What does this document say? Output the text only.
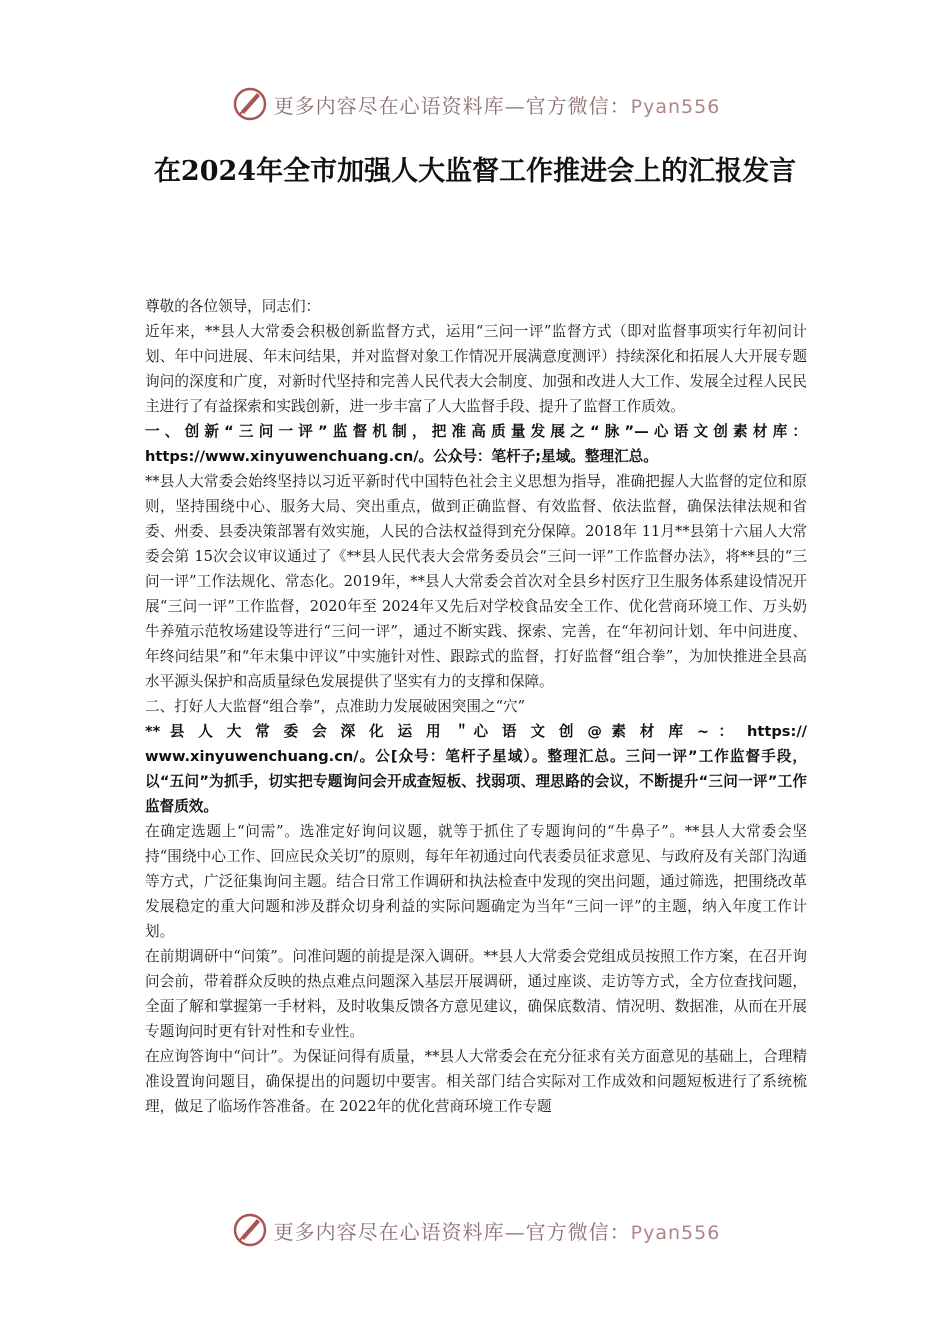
更多内容尽在心语资料库—官方微信：Pyan556
在2024年全市加强人大监督工作推进会上的汇报发言

尊敬的各位领导，同志们：

近年来，**县人大常委会积极创新监督方式，运用“三问一评”监督方式（即对监督事项实行年初问计划、年中问进展、年末问结果，并对监督对象工作情况开展满意度测评）持续深化和拓展人大开展专题询问的深度和广度，对新时代坚持和完善人民代表大会制度、加强和改进人大工作、发展全过程人民民主进行了有益探索和实践创新，进一步丰富了人大监督手段、提升了监督工作质效。

一、创新“三问一评”监督机制，把准高质量发展之“脉”—心语文创素材库：https://www.xinyuwenchuang.cn/。公众号：笔杆子;星域。整理汇总。

**县人大常委会始终坚持以习近平新时代中国特色社会主义思想为指导，准确把握人大监督的定位和原则，坚持围绕中心、服务大局、突出重点，做到正确监督、有效监督、依法监督，确保法律法规和省委、州委、县委决策部署有效实施，人民的合法权益得到充分保障。2018年 11月**县第十六届人大常委会第 15次会议审议通过了《**县人民代表大会常务委员会“三问一评”工作监督办法》，将**县的“三问一评”工作法规化、常态化。2019年，**县人大常委会首次对全县乡村医疗卫生服务体系建设情况开展“三问一评”工作监督，2020年至 2024年又先后对学校食品安全工作、优化营商环境工作、万头奶牛养殖示范牧场建设等进行“三问一评”，通过不断实践、探索、完善，在“年初问计划、年中问进度、年终问结果”和“年末集中评议”中实施针对性、跟踪式的监督，打好监督“组合拳”，为加快推进全县高水平源头保护和高质量绿色发展提供了坚实有力的支撑和保障。

二、打好人大监督“组合拳”，点准助力发展破困突围之“穴”

** 县 人 大 常 委 会 深 化 运 用 ＂心 语 文 创 @ 素 材 库 ~ ： https://

www.xinyuwenchuang.cn/。公[众号：笔杆子星域）。整理汇总。三问一评”工作监督手段，以“五问”为抓手，切实把专题询问会开成查短板、找弱项、理思路的会议，不断提升“三问一评”工作监督质效。

在确定选题上“问需”。选准定好询问议题，就等于抓住了专题询问的“牛鼻子”。**县人大常委会坚持“围绕中心工作、回应民众关切”的原则，每年年初通过向代表委员征求意见、与政府及有关部门沟通等方式，广泛征集询问主题。结合日常工作调研和执法检查中发现的突出问题，通过筛选，把围绕改革发展稳定的重大问题和涉及群众切身利益的实际问题确定为当年“三问一评”的主题，纳入年度工作计划。

在前期调研中“问策”。问准问题的前提是深入调研。**县人大常委会党组成员按照工作方案，在召开询问会前，带着群众反映的热点难点问题深入基层开展调研，通过座谈、走访等方式，全方位查找问题，全面了解和掌握第一手材料，及时收集反馈各方意见建议，确保底数清、情况明、数据准，从而在开展专题询问时更有针对性和专业性。

在应询答询中“问计”。为保证问得有质量，**县人大常委会在充分征求有关方面意见的基础上，合理精准设置询问题目，确保提出的问题切中要害。相关部门结合实际对工作成效和问题短板进行了系统梳理，做足了临场作答准备。在 2022年的优化营商环境工作专题

更多内容尽在心语资料库—官方微信：Pyan556
